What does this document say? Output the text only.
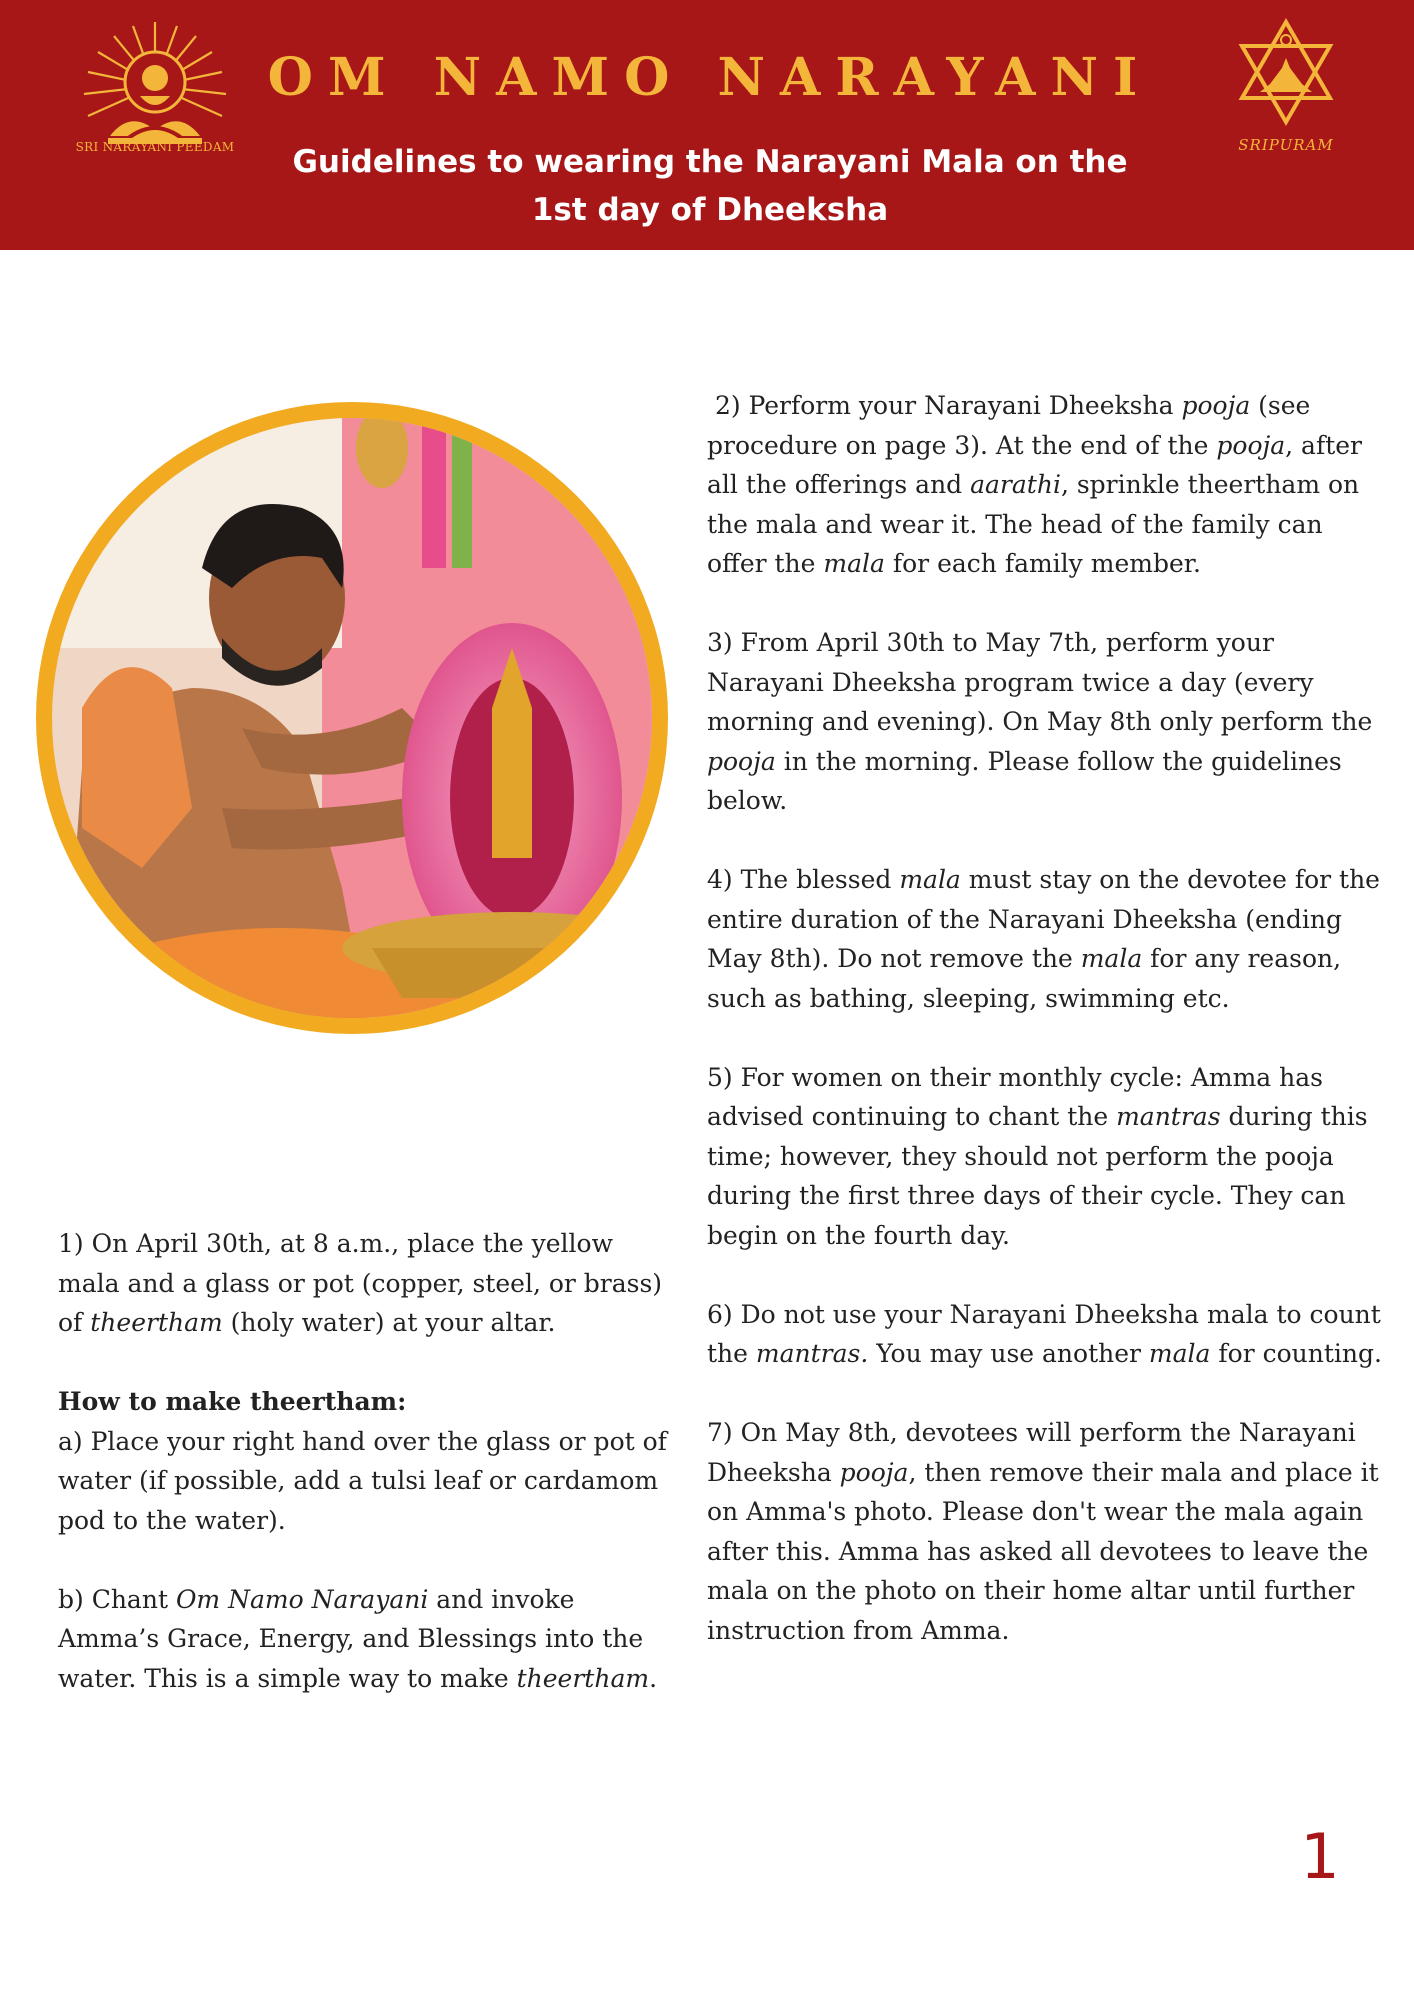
SRI NARAYANI PEEDAM
OM NAMO NARAYANI
Guidelines to wearing the Narayani Mala on the
1st day of Dheeksha
SRIPURAM

2) Perform your Narayani Dheeksha pooja (see procedure on page 3). At the end of the pooja, after all the offerings and aarathi, sprinkle theertham on the mala and wear it. The head of the family can offer the mala for each family member.

3) From April 30th to May 7th, perform your Narayani Dheeksha program twice a day (every morning and evening). On May 8th only perform the pooja in the morning. Please follow the guidelines below.

4) The blessed mala must stay on the devotee for the entire duration of the Narayani Dheeksha (ending May 8th). Do not remove the mala for any reason, such as bathing, sleeping, swimming etc.

5) For women on their monthly cycle: Amma has advised continuing to chant the mantras during this time; however, they should not perform the pooja during the first three days of their cycle. They can begin on the fourth day.

6) Do not use your Narayani Dheeksha mala to count the mantras. You may use another mala for counting.

7) On May 8th, devotees will perform the Narayani Dheeksha pooja, then remove their mala and place it on Amma's photo. Please don't wear the mala again after this. Amma has asked all devotees to leave the mala on the photo on their home altar until further instruction from Amma.

1) On April 30th, at 8 a.m., place the yellow mala and a glass or pot (copper, steel, or brass) of theertham (holy water) at your altar.

How to make theertham:

a) Place your right hand over the glass or pot of water (if possible, add a tulsi leaf or cardamom pod to the water).

b) Chant Om Namo Narayani and invoke Amma’s Grace, Energy, and Blessings into the water. This is a simple way to make theertham.

1
